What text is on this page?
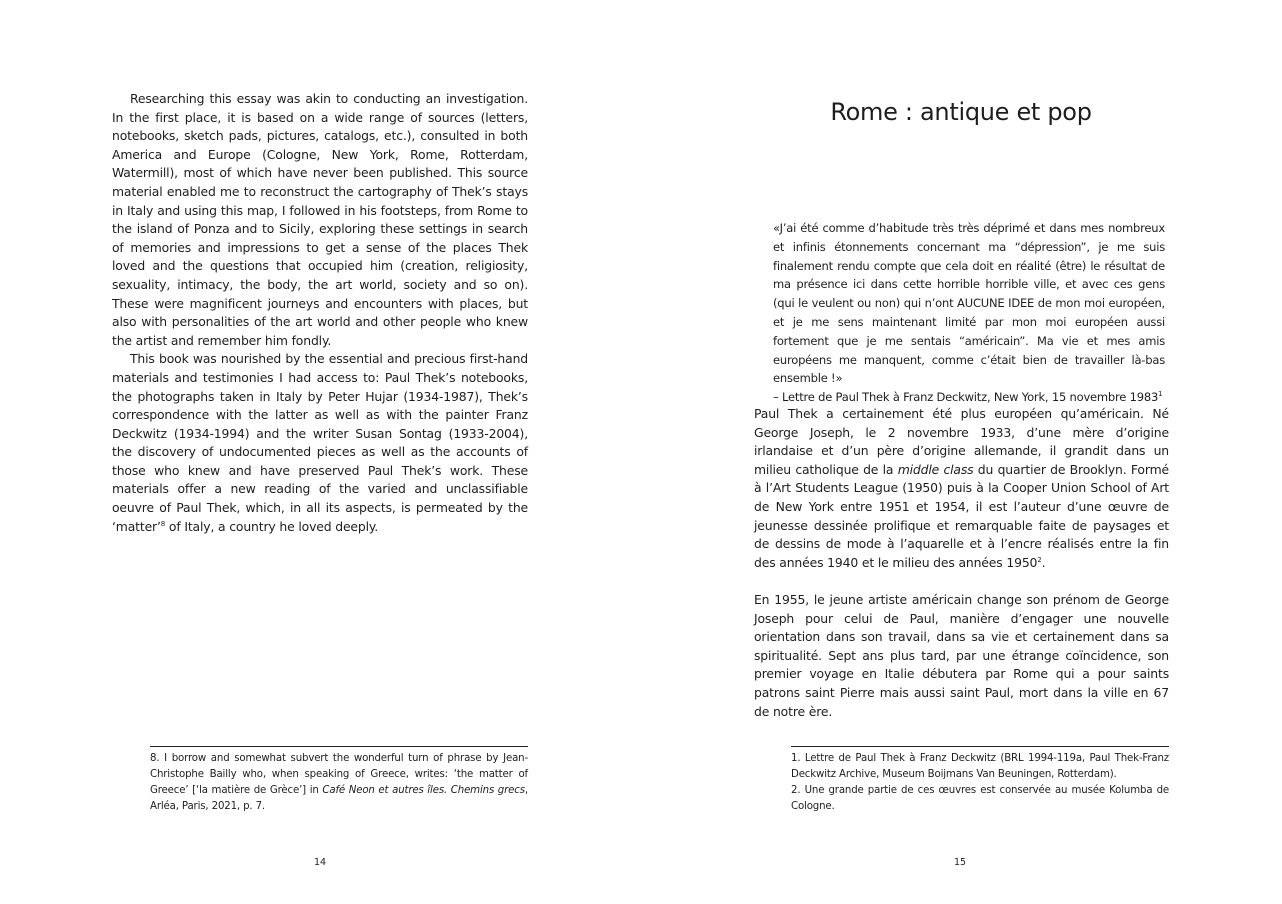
Researching this essay was akin to conducting an investigation. In the first place, it is based on a wide range of sources (letters, notebooks, sketch pads, pictures, catalogs, etc.), consulted in both America and Europe (Cologne, New York, Rome, Rotterdam, Watermill), most of which have never been published. This source material enabled me to reconstruct the cartography of Thek’s stays in Italy and using this map, I followed in his footsteps, from Rome to the island of Ponza and to Sicily, exploring these settings in search of memories and impressions to get a sense of the places Thek loved and the questions that occupied him (creation, religiosity, sexuality, intimacy, the body, the art world, society and so on). These were magnificent journeys and encounters with places, but also with personalities of the art world and other people who knew the artist and remember him fondly.

This book was nourished by the essential and precious first-hand materials and testimonies I had access to: Paul Thek’s notebooks, the photographs taken in Italy by Peter Hujar (1934-1987), Thek’s correspondence with the latter as well as with the painter Franz Deckwitz (1934-1994) and the writer Susan Sontag (1933-2004), the discovery of undocumented pieces as well as the accounts of those who knew and have preserved Paul Thek’s work. These materials offer a new reading of the varied and unclassifiable oeuvre of Paul Thek, which, in all its aspects, is permeated by the ‘matter’$^8$ of Italy, a country he loved deeply.

8. I borrow and somewhat subvert the wonderful turn of phrase by Jean-Christophe Bailly who, when speaking of Greece, writes: ‘the matter of Greece’ [‘la matière de Grèce’] in Café Neon et autres îles. Chemins grecs, Arléa, Paris, 2021, p. 7.

14
Rome : antique et pop

«J’ai été comme d’habitude très très déprimé et dans mes nombreux et infinis étonnements concernant ma “dépression”, je me suis finalement rendu compte que cela doit en réalité (être) le résultat de ma présence ici dans cette horrible horrible ville, et avec ces gens (qui le veulent ou non) qui n’ont AUCUNE IDEE de mon moi européen, et je me sens maintenant limité par mon moi européen aussi fortement que je me sentais “américain”. Ma vie et mes amis européens me manquent, comme c’était bien de travailler là-bas ensemble !»

– Lettre de Paul Thek à Franz Deckwitz, New York, 15 novembre 1983$^1$

Paul Thek a certainement été plus européen qu’américain. Né George Joseph, le 2 novembre 1933, d’une mère d’origine irlandaise et d’un père d’origine allemande, il grandit dans un milieu catholique de la middle class du quartier de Brooklyn. Formé à l’Art Students League (1950) puis à la Cooper Union School of Art de New York entre 1951 et 1954, il est l’auteur d’une œuvre de jeunesse dessinée prolifique et remarquable faite de paysages et de dessins de mode à l’aquarelle et à l’encre réalisés entre la fin des années 1940 et le milieu des années 1950$^2$.

En 1955, le jeune artiste américain change son prénom de George Joseph pour celui de Paul, manière d’engager une nouvelle orientation dans son travail, dans sa vie et certainement dans sa spiritualité. Sept ans plus tard, par une étrange coïncidence, son premier voyage en Italie débutera par Rome qui a pour saints patrons saint Pierre mais aussi saint Paul, mort dans la ville en 67 de notre ère.

1. Lettre de Paul Thek à Franz Deckwitz (BRL 1994-119a, Paul Thek-Franz Deckwitz Archive, Museum Boijmans Van Beuningen, Rotterdam).

2. Une grande partie de ces œuvres est conservée au musée Kolumba de Cologne.

15
